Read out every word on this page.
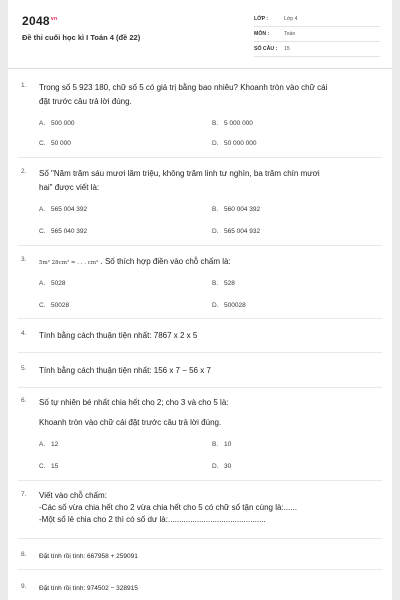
$2048^{vn}$
Đề thi cuối học kì I Toán 4 (đề 22)
LỚP :	Lớp 4
MÔN :	Toán
SỐ CÂU : 15
1. Trong số 5 923 180, chữ số 5 có giá trị bằng bao nhiêu? Khoanh tròn vào chữ cái
đặt trước câu trả lời đúng.
A. 500 000	B. 5 000 000
C. 50 000	D. 50 000 000
2. Số "Năm trăm sáu mươi lăm triệu, không trăm linh tư nghìn, ba trăm chín mươi
hai" được viết là:
A. 565 004 392	B. 560 004 392
C. 565 040 392	D. 565 004 932
3. 5m² 28cm² = . . . cm² . Số thích hợp điền vào chỗ chấm là:
A. 5028	B. 528
C. 50028	D. 500028
4. Tính bằng cách thuận tiện nhất: 7867 x 2 x 5
5. Tính bằng cách thuận tiện nhất: 156 x 7 − 56 x 7
6. Số tự nhiên bé nhất chia hết cho 2; cho 3 và cho 5 là:
Khoanh tròn vào chữ cái đặt trước câu trả lời đúng.
A. 12	B. 10
C. 15	D. 30
7. Viết vào chỗ chấm:
-Các số vừa chia hết cho 2 vừa chia hết cho 5 có chữ số tận cùng là:......
-Một số lẻ chia cho 2 thì có số dư là:............................................
8. Đặt tính rồi tính: 667958 + 259091
9. Đặt tính rồi tính: 974502 − 328915
